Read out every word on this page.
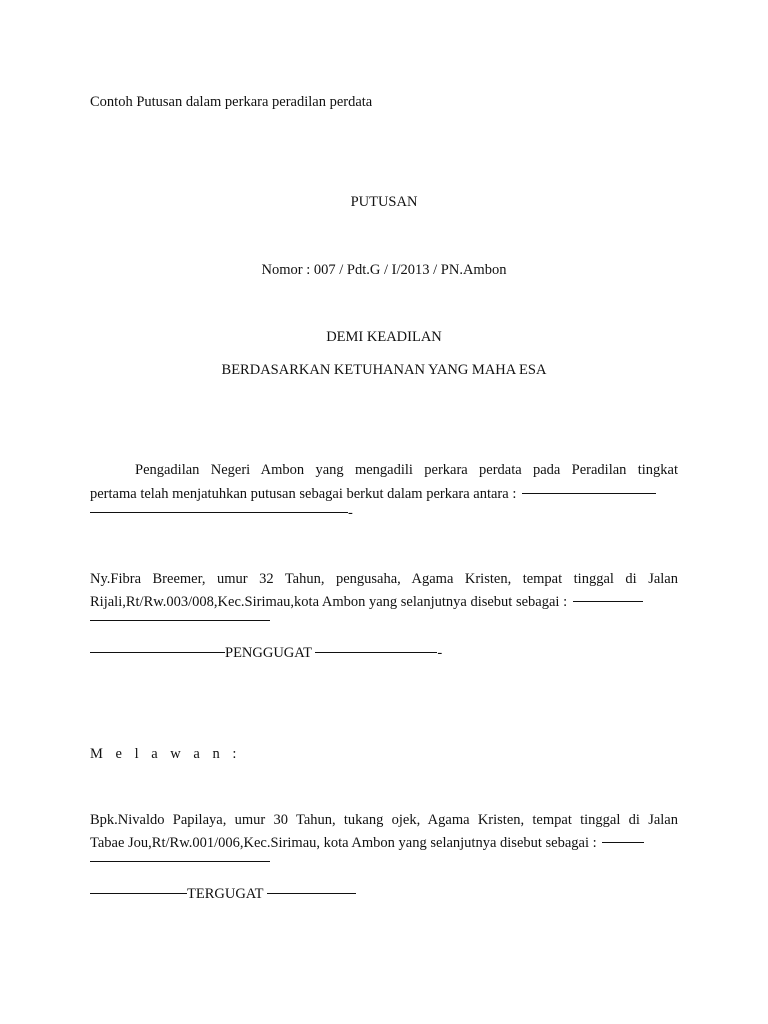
Contoh Putusan dalam perkara peradilan perdata
PUTUSAN
Nomor : 007 / Pdt.G / I/2013 / PN.Ambon
DEMI KEADILAN
BERDASARKAN KETUHANAN YANG MAHA ESA
Pengadilan Negeri Ambon yang mengadili perkara perdata pada Peradilan tingkat
pertama telah menjatuhkan putusan sebagai berkut dalam perkara antara :
-
Ny.Fibra Breemer, umur 32 Tahun, pengusaha, Agama Kristen, tempat tinggal di Jalan
Rijali,Rt/Rw.003/008,Kec.Sirimau,kota Ambon yang selanjutnya disebut sebagai :
PENGGUGAT	-
M e l a w a n :
Bpk.Nivaldo Papilaya, umur 30 Tahun, tukang ojek, Agama Kristen, tempat tinggal di Jalan
Tabae Jou,Rt/Rw.001/006,Kec.Sirimau, kota Ambon yang selanjutnya disebut sebagai :
TERGUGAT
